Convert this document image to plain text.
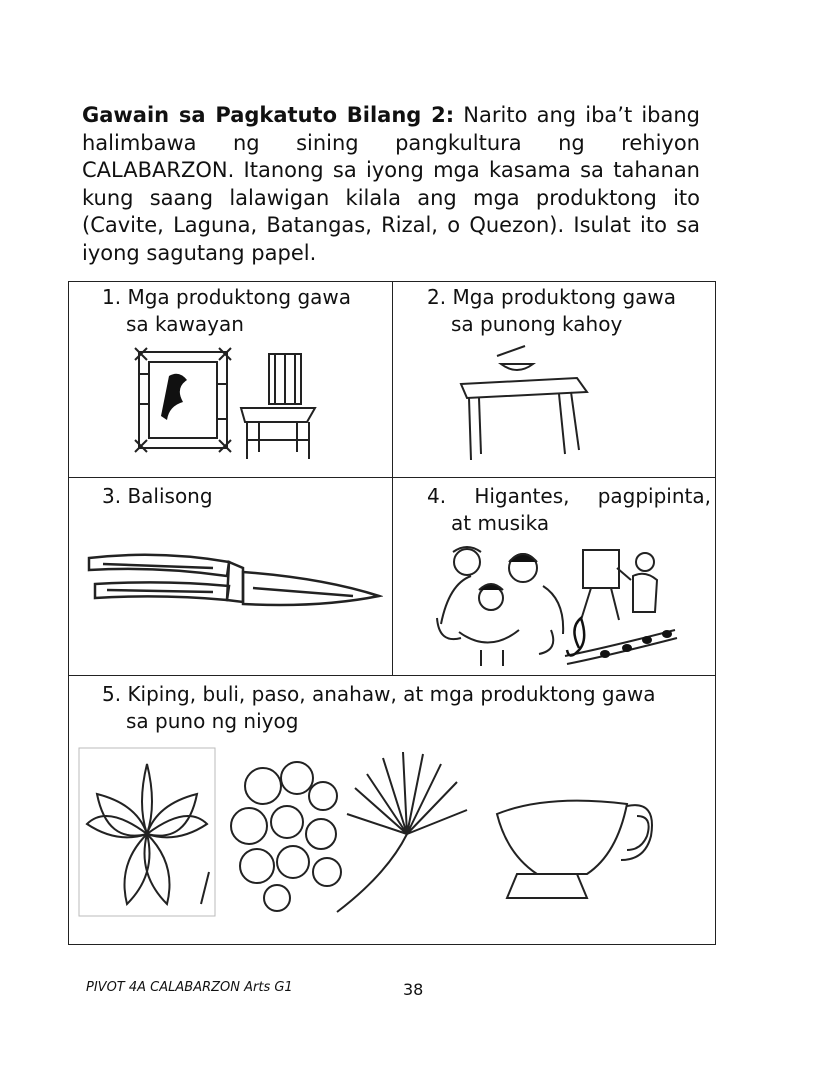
Gawain sa Pagkatuto Bilang 2: Narito ang iba’t ibang halimbawa ng sining pangkultura ng rehiyon CALABARZON. Itanong sa iyong mga kasama sa tahanan kung saang lalawigan kilala ang mga produktong ito (Cavite, Laguna, Batangas, Rizal, o Quezon). Isulat ito sa iyong sagutang papel.
1. Mga produktong gawa
sa kawayan
2. Mga produktong gawa
sa punong kahoy
3. Balisong	4. Higantes, pagpipinta,
at musika
5. Kiping, buli, paso, anahaw, at mga produktong gawa
sa puno ng niyog
PIVOT 4A CALABARZON Arts G1	38
